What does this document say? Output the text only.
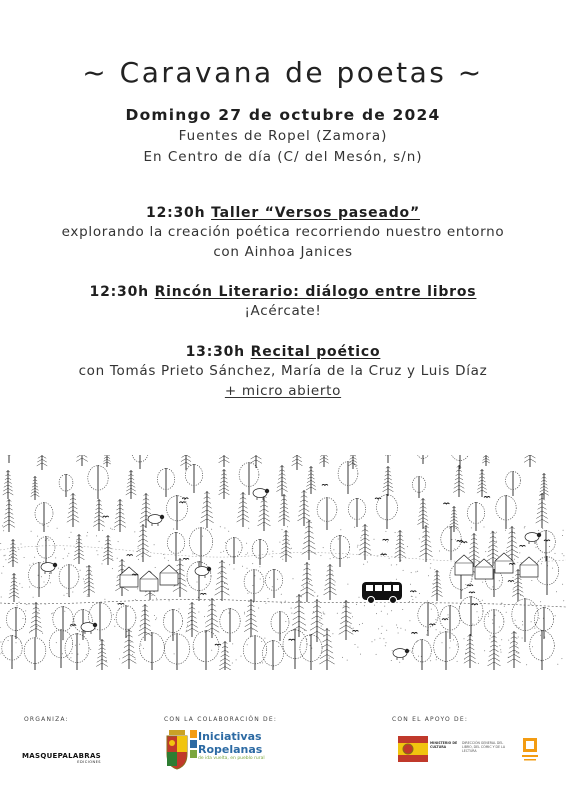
~ Caravana de poetas ~
Domingo 27 de octubre de 2024
Fuentes de Ropel (Zamora)
En Centro de día (C/ del Mesón, s/n)
12:30h Taller “Versos paseado”
explorando la creación poética recorriendo nuestro entorno
con Ainhoa Janices
12:30h Rincón Literario: diálogo entre libros
¡Acércate!
13:30h Recital poético
con Tomás Prieto Sánchez, María de la Cruz y Luis Díaz
+ micro abierto
ORGANIZA:	CON LA COLABORACIÓN DE:	CON EL APOYO DE:
MASQUEPALABRAS
EDICIONES
Iniciativas
Ropelanas
de ida vuelta, en pueblo rural
MINISTERIO DE CULTURA
DIRECCIÓN GENERAL DEL LIBRO, DEL CÓMIC Y DE LA LECTURA
